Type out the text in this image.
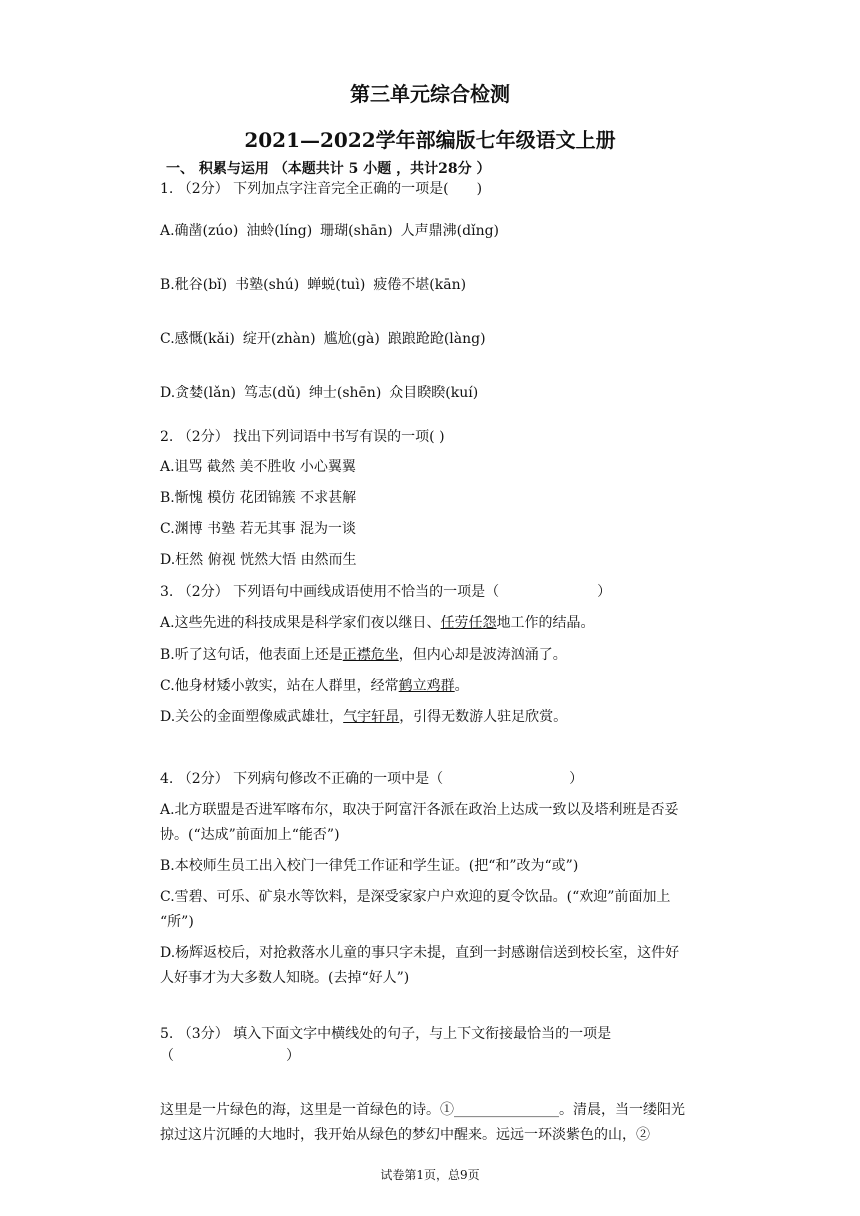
第三单元综合检测
2021—2022学年部编版七年级语文上册
一、 积累与运用 （本题共计 5 小题 ，共计28分 ）
1. （2分） 下列加点字注音完全正确的一项是(　　)
A.确凿(zúo) 油蛉(líng) 珊瑚(shān) 人声鼎沸(dǐng)
B.秕谷(bǐ) 书塾(shú) 蝉蜕(tuì) 疲倦不堪(kān)
C.感慨(kǎi) 绽开(zhàn) 尴尬(gà) 踉踉跄跄(làng)
D.贪婪(lǎn) 笃志(dǔ) 绅士(shēn) 众目睽睽(kuí)
2. （2分） 找出下列词语中书写有误的一项( )
A.诅骂 截然 美不胜收 小心翼翼
B.惭愧 模仿 花团锦簇 不求甚解
C.渊博 书塾 若无其事 混为一谈
D.枉然 俯视 恍然大悟 由然而生
3. （2分） 下列语句中画线成语使用不恰当的一项是（　　　　　　　）
A.这些先进的科技成果是科学家们夜以继日、任劳任怨地工作的结晶。
B.听了这句话，他表面上还是正襟危坐，但内心却是波涛汹涌了。
C.他身材矮小敦实，站在人群里，经常鹤立鸡群。
D.关公的金面塑像威武雄壮，气宇轩昂，引得无数游人驻足欣赏。
4. （2分） 下列病句修改不正确的一项中是（　　　　　　　　　）
A.北方联盟是否进军喀布尔，取决于阿富汗各派在政治上达成一致以及塔利班是否妥
协。(“达成”前面加上“能否”)
B.本校师生员工出入校门一律凭工作证和学生证。(把“和”改为“或”)
C.雪碧、可乐、矿泉水等饮料，是深受家家户户欢迎的夏令饮品。(“欢迎”前面加上
“所”)
D.杨辉返校后，对抢救落水儿童的事只字未提，直到一封感谢信送到校长室，这件好
人好事才为大多数人知晓。(去掉“好人”)
5. （3分） 填入下面文字中横线处的句子，与上下文衔接最恰当的一项是
（　　　　　　　　）
这里是一片绿色的海，这里是一首绿色的诗。①_______________。清晨，当一缕阳光
掠过这片沉睡的大地时，我开始从绿色的梦幻中醒来。远远一环淡紫色的山，②
试卷第1页，总9页
